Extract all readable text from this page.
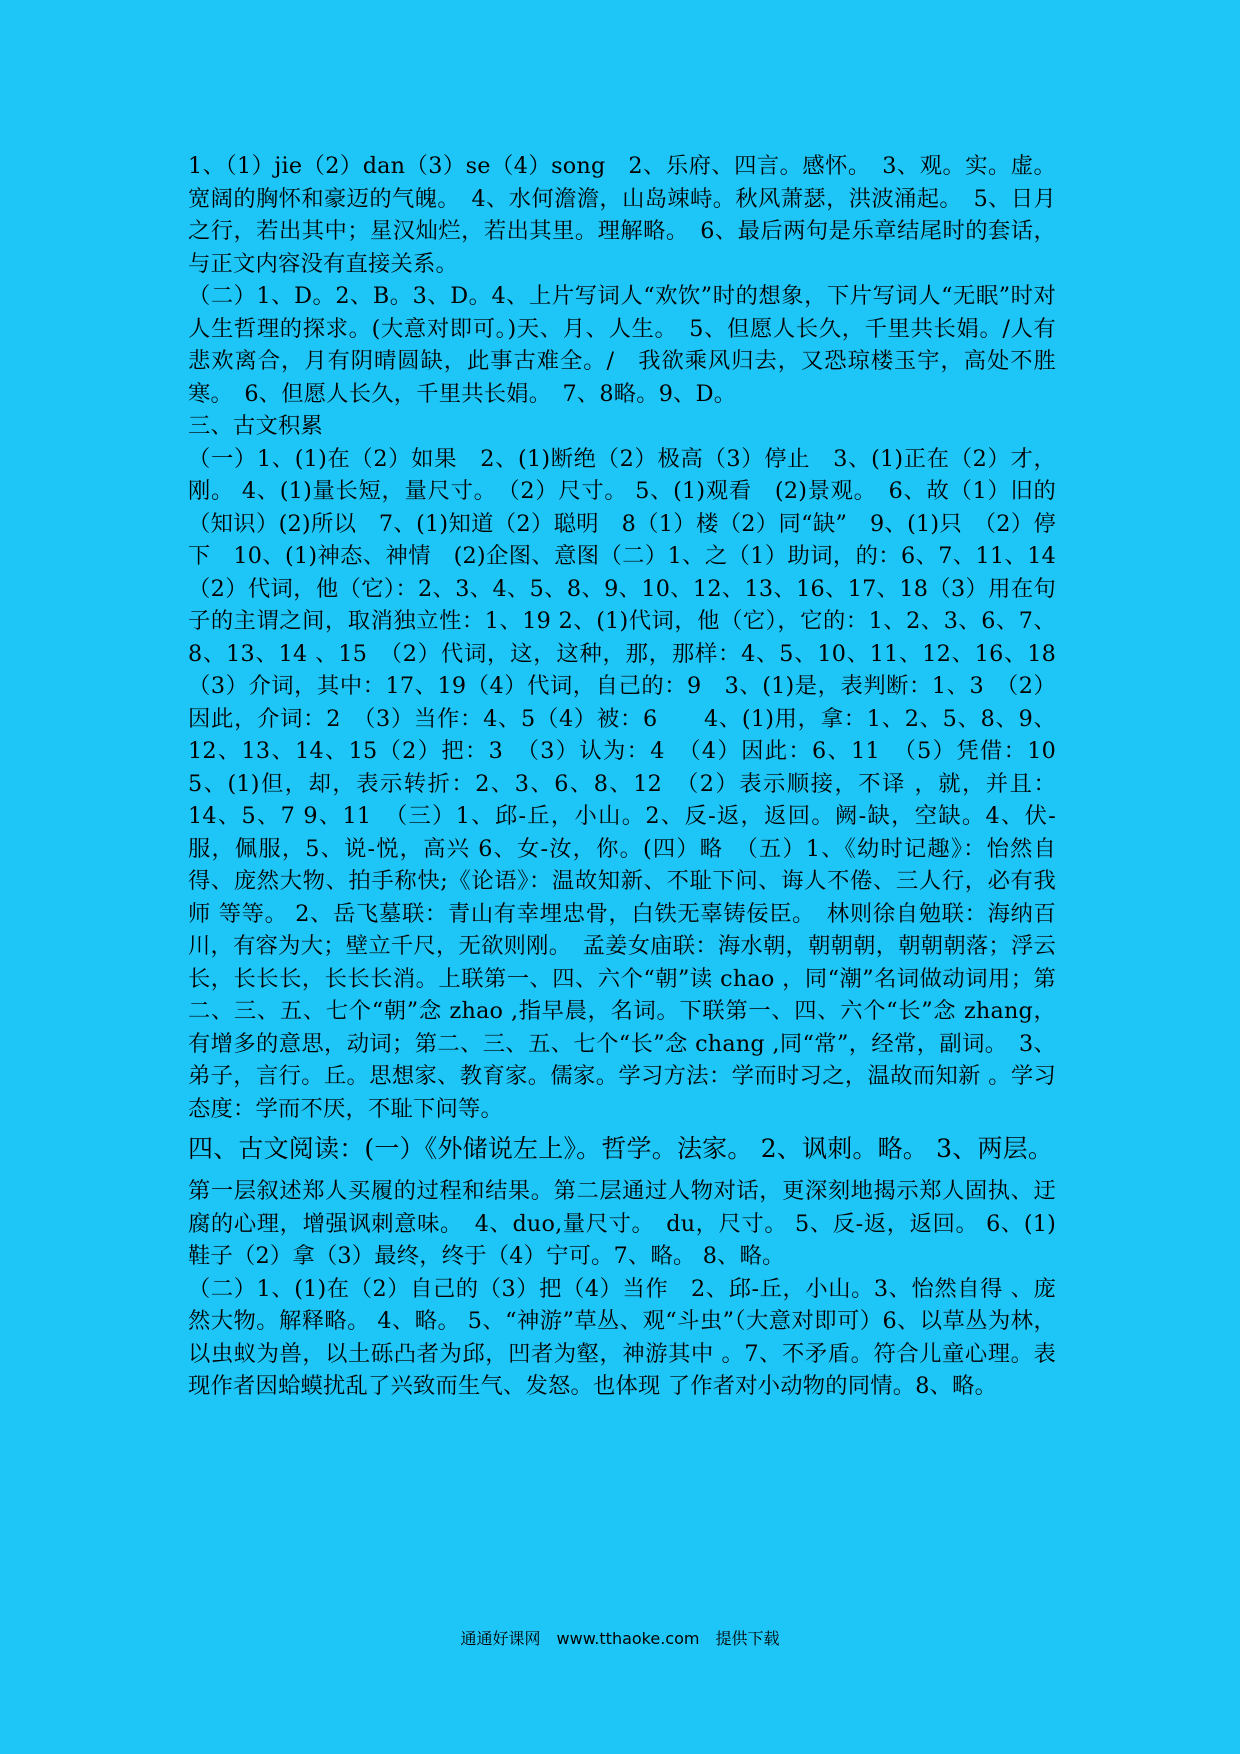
1、（1）jie（2）dan（3）se（4）song　2、乐府、四言。感怀。　3、观。实。虚。宽阔的胸怀和豪迈的气魄。　4、水何澹澹，山岛竦峙。秋风萧瑟，洪波涌起。　5、日月之行，若出其中；星汉灿烂，若出其里。理解略。　6、最后两句是乐章结尾时的套话，与正文内容没有直接关系。

（二）1、D。2、B。3、D。4、上片写词人“欢饮”时的想象，下片写词人“无眠”时对人生哲理的探求。(大意对即可。)天、月、人生。　5、但愿人长久，千里共长娟。/人有悲欢离合，月有阴晴圆缺，此事古难全。/　我欲乘风归去，又恐琼楼玉宇，高处不胜寒。　6、但愿人长久，千里共长娟。　7、8略。9、D。

三、古文积累

（一）1、(1)在（2）如果　2、(1)断绝（2）极高（3）停止　3、(1)正在（2）才，刚。 4、(1)量长短，量尺寸。　（2）尺寸。 5、(1)观看　(2)景观。　6、故（1）旧的（知识）(2)所以　7、(1)知道（2）聪明　8（1）楼（2）同“缺”　9、(1)只　（2）停下　10、(1)神态、神情　(2)企图、意图（二）1、之（1）助词，的：6、7、11、14　（2）代词，他（它）：2、3、4、5、8、9、10、12、13、16、17、18（3）用在句子的主谓之间，取消独立性：1、19 2、(1)代词，他（它），它的：1、2、3、6、7、8、13、14 、15　（2）代词，这，这种，那，那样：4、5、10、11、12、16、18　（3）介词，其中：17、19（4）代词，自己的：9　3、(1)是，表判断：1、3　（2）因此，介词：2　（3）当作：4、5（4）被：6　　4、(1)用，拿：1、2、5、8、9、12、13、14、15（2）把：3　（3）认为：4　（4）因此：6、11　（5）凭借：10　5、(1)但，却，表示转折：2、3、6、8、12　（2）表示顺接，不译 ，就，并且：14、5、7 9、11　（三）1、邱-丘，小山。2、反-返，返回。阙-缺，空缺。4、伏-服，佩服，5、说-悦，高兴 6、女-汝，你。(四）略　（五）1、《幼时记趣》：怡然自得、庞然大物、拍手称快;《论语》：温故知新、不耻下问、诲人不倦、三人行，必有我师 等等。 2、岳飞墓联：青山有幸埋忠骨，白铁无辜铸佞臣。　林则徐自勉联：海纳百川，有容为大；壁立千尺，无欲则刚。　孟姜女庙联：海水朝，朝朝朝，朝朝朝落；浮云长，长长长，长长长消。上联第一、四、六个“朝”读 chao ，同“潮”名词做动词用；第二、三、五、七个“朝”念 zhao ,指早晨，名词。下联第一、四、六个“长”念 zhang，有增多的意思，动词；第二、三、五、七个“长”念 chang ,同“常”，经常，副词。　3、弟子，言行。丘。思想家、教育家。儒家。学习方法：学而时习之，温故而知新 。学习态度：学而不厌，不耻下问等。

四、古文阅读：(一）《外储说左上》。哲学。法家。 2、讽刺。略。 3、两层。

第一层叙述郑人买履的过程和结果。第二层通过人物对话，更深刻地揭示郑人固执、迂腐的心理，增强讽刺意味。　4、duo,量尺寸。　du，尺寸。 5、反-返，返回。 6、(1)鞋子（2）拿（3）最终，终于（4）宁可。7、略。 8、略。

（二）1、(1)在（2）自己的（3）把（4）当作　2、邱-丘，小山。3、怡然自得 、庞然大物。解释略。 4、略。 5、“神游”草丛、观“斗虫”（大意对即可）6、以草丛为林，以虫蚁为兽，以土砾凸者为邱，凹者为壑，神游其中 。7、不矛盾。符合儿童心理。表现作者因蛤蟆扰乱了兴致而生气、发怒。也体现 了作者对小动物的同情。8、略。

通通好课网　www.tthaoke.com　提供下载
